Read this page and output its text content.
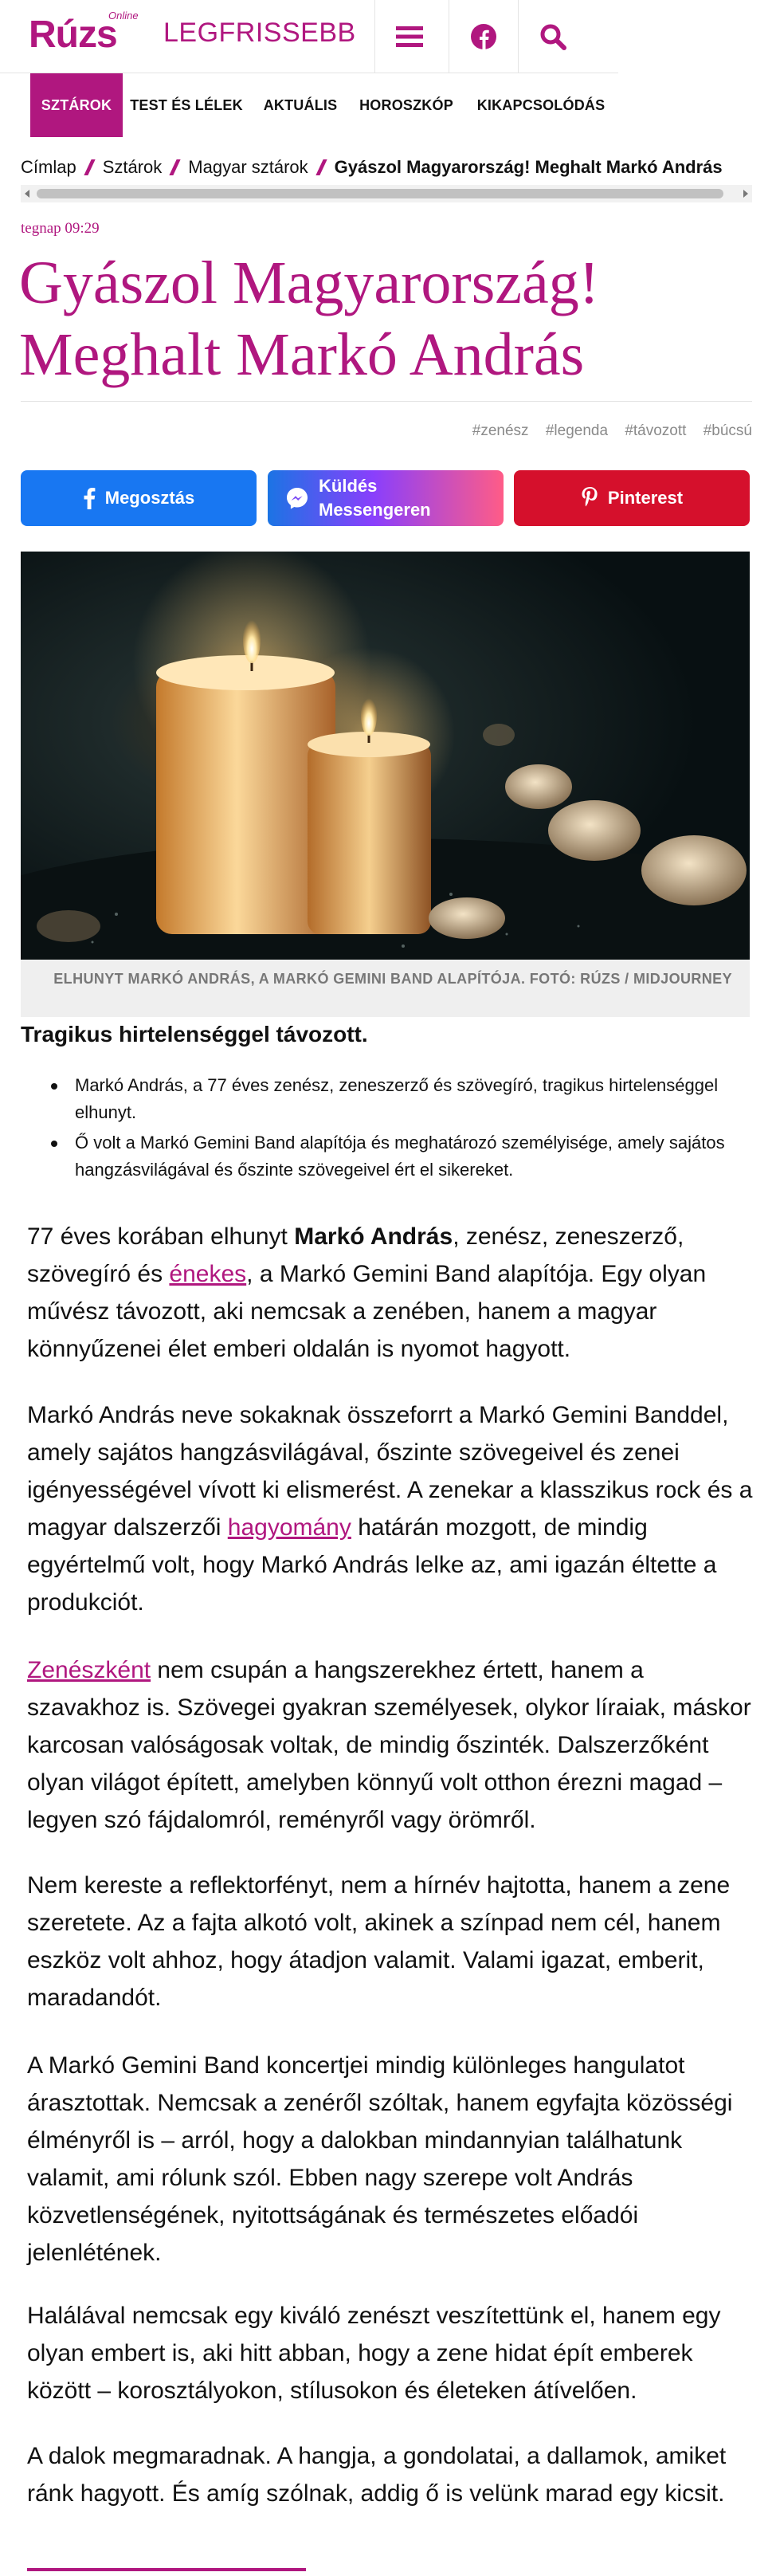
Rúzs
Online
LEGFRISSEBB
SZTÁROK	TEST ÉS LÉLEK	AKTUÁLIS	HOROSZKÓP	KIKAPCSOLÓDÁS
Címlap Sztárok Magyar sztárok Gyászol Magyarország! Meghalt Markó András
tegnap 09:29
Gyászol Magyarország! Meghalt Markó András
#zenész #legenda #távozott #búcsú
Megosztás
Küldés
Messengeren
Pinterest
ELHUNYT MARKÓ ANDRÁS, A MARKÓ GEMINI BAND ALAPÍTÓJA. FOTÓ: RÚZS / MIDJOURNEY
Tragikus hirtelenséggel távozott.
Markó András, a 77 éves zenész, zeneszerző és szövegíró, tragikus hirtelenséggel elhunyt.
Ő volt a Markó Gemini Band alapítója és meghatározó személyisége, amely sajátos hangzásvilágával és őszinte szövegeivel ért el sikereket.

77 éves korában elhunyt Markó András, zenész, zeneszerző, szövegíró és énekes, a Markó Gemini Band alapítója. Egy olyan művész távozott, aki nemcsak a zenében, hanem a magyar könnyűzenei élet emberi oldalán is nyomot hagyott.

Markó András neve sokaknak összeforrt a Markó Gemini Banddel, amely sajátos hangzásvilágával, őszinte szövegeivel és zenei igényességével vívott ki elismerést. A zenekar a klasszikus rock és a magyar dalszerzői hagyomány határán mozgott, de mindig egyértelmű volt, hogy Markó András lelke az, ami igazán éltette a produkciót.

Zenészként nem csupán a hangszerekhez értett, hanem a szavakhoz is. Szövegei gyakran személyesek, olykor líraiak, máskor karcosan valóságosak voltak, de mindig őszinték. Dalszerzőként olyan világot épített, amelyben könnyű volt otthon érezni magad – legyen szó fájdalomról, reményről vagy örömről.

Nem kereste a reflektorfényt, nem a hírnév hajtotta, hanem a zene szeretete. Az a fajta alkotó volt, akinek a színpad nem cél, hanem eszköz volt ahhoz, hogy átadjon valamit. Valami igazat, emberit, maradandót.

A Markó Gemini Band koncertjei mindig különleges hangulatot árasztottak. Nemcsak a zenéről szóltak, hanem egyfajta közösségi élményről is – arról, hogy a dalokban mindannyian találhatunk valamit, ami rólunk szól. Ebben nagy szerepe volt András közvetlenségének, nyitottságának és természetes előadói jelenlétének.

Halálával nemcsak egy kiváló zenészt veszítettünk el, hanem egy olyan embert is, aki hitt abban, hogy a zene hidat épít emberek között – korosztályokon, stílusokon és életeken átívelően.

A dalok megmaradnak. A hangja, a gondolatai, a dallamok, amiket ránk hagyott. És amíg szólnak, addig ő is velünk marad egy kicsit.
